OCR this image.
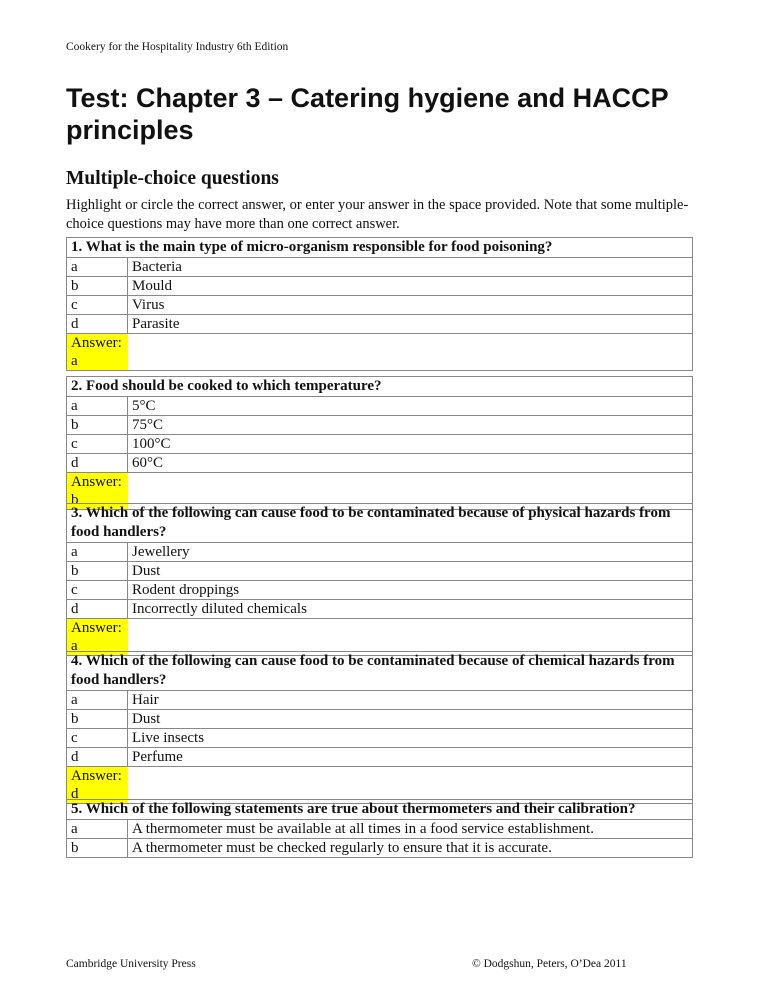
Cookery for the Hospitality Industry 6th Edition
Test: Chapter 3 – Catering hygiene and HACCP principles
Multiple-choice questions
Highlight or circle the correct answer, or enter your answer in the space provided. Note that some multiple-choice questions may have more than one correct answer.
1. What is the main type of micro-organism responsible for food poisoning?	
a	Bacteria
b	Mould
c	Virus
d	Parasite
Answer: a	
2. Food should be cooked to which temperature?	
a	5°C
b	75°C
c	100°C
d	60°C
Answer: b	
3. Which of the following can cause food to be contaminated because of physical hazards from food handlers?	
a	Jewellery
b	Dust
c	Rodent droppings
d	Incorrectly diluted chemicals
Answer: a	
4. Which of the following can cause food to be contaminated because of chemical hazards from food handlers?	
a	Hair
b	Dust
c	Live insects
d	Perfume
Answer: d	
5. Which of the following statements are true about thermometers and their calibration?	
a	A thermometer must be available at all times in a food service establishment.
b	A thermometer must be checked regularly to ensure that it is accurate.
Cambridge University Press	© Dodgshun, Peters, O’Dea 2011
